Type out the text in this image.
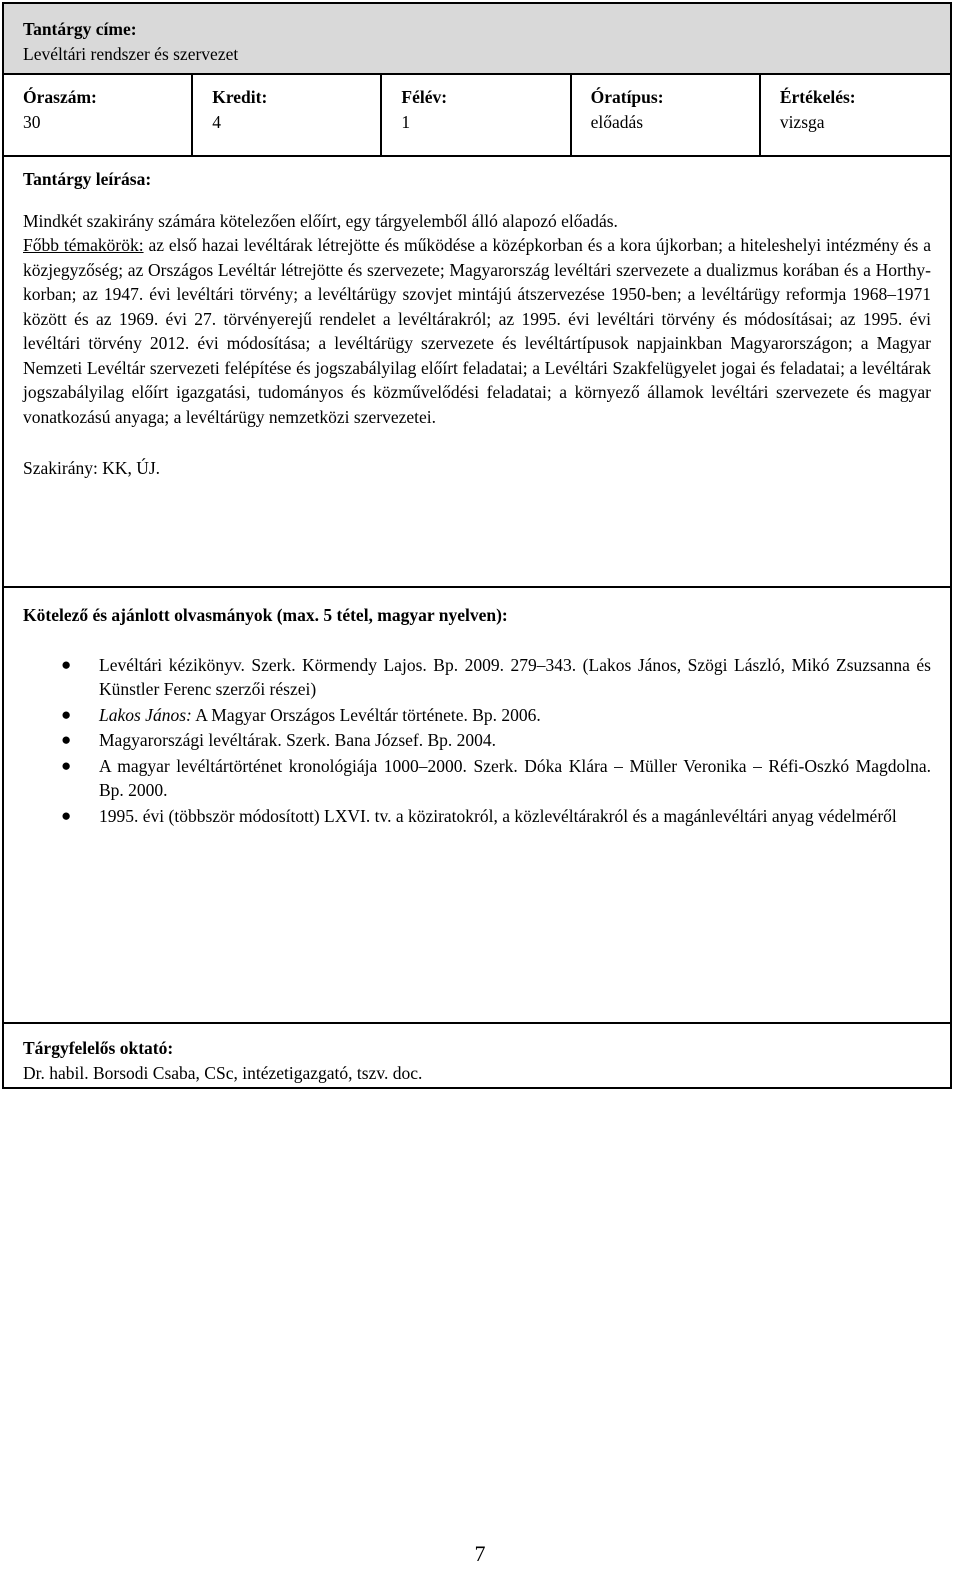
Tantárgy címe:
Levéltári rendszer és szervezet
Óraszám:
30
Kredit:
4
Félév:
1
Óratípus:
előadás
Értékelés:
vizsga
Tantárgy leírása:
Mindkét szakirány számára kötelezően előírt, egy tárgyelemből álló alapozó előadás.
Főbb témakörök: az első hazai levéltárak létrejötte és működése a középkorban és a kora újkorban; a hiteleshelyi intézmény és a közjegyzőség; az Országos Levéltár létrejötte és szervezete; Magyarország levéltári szervezete a dualizmus korában és a Horthy-korban; az 1947. évi levéltári törvény; a levéltárügy szovjet mintájú átszervezése 1950-ben; a levéltárügy reformja 1968–1971 között és az 1969. évi 27. törvényerejű rendelet a levéltárakról; az 1995. évi levéltári törvény és módosításai; az 1995. évi levéltári törvény 2012. évi módosítása; a levéltárügy szervezete és levéltártípusok napjainkban Magyarországon; a Magyar Nemzeti Levéltár szervezeti felépítése és jogszabályilag előírt feladatai; a Levéltári Szakfelügyelet jogai és feladatai; a levéltárak jogszabályilag előírt igazgatási, tudományos és közművelődési feladatai; a környező államok levéltári szervezete és magyar vonatkozású anyaga; a levéltárügy nemzetközi szervezetei.
Szakirány: KK, ÚJ.
Kötelező és ajánlott olvasmányok (max. 5 tétel, magyar nyelven):
● Levéltári kézikönyv. Szerk. Körmendy Lajos. Bp. 2009. 279–343. (Lakos János, Szögi László, Mikó Zsuzsanna és Künstler Ferenc szerzői részei)
● Lakos János: A Magyar Országos Levéltár története. Bp. 2006.
● Magyarországi levéltárak. Szerk. Bana József. Bp. 2004.
● A magyar levéltártörténet kronológiája 1000–2000. Szerk. Dóka Klára – Müller Veronika – Réfi-Oszkó Magdolna. Bp. 2000.
● 1995. évi (többször módosított) LXVI. tv. a köziratokról, a közlevéltárakról és a magánlevéltári anyag védelméről
Tárgyfelelős oktató:
Dr. habil. Borsodi Csaba, CSc, intézetigazgató, tszv. doc.
7
